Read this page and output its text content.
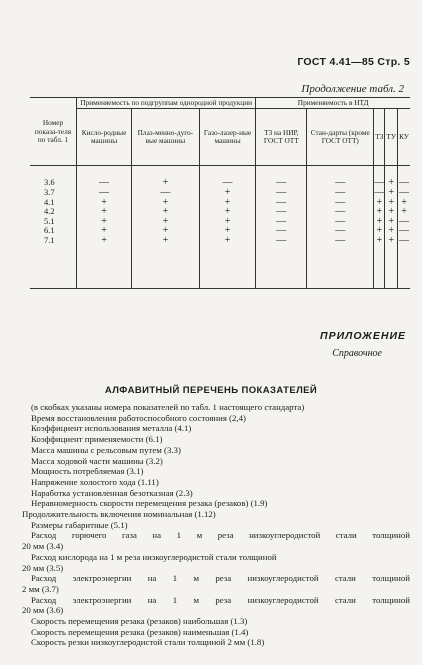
ГОСТ 4.41—85 Стр. 5
Продолжение табл. 2
Номер показа-теля по табл. 1	Применяемость по подгруппам однородной продукции			Применяемость в НТД				
	Кисло-родные машины	Плаз-менно-дуго-вые машины	Газо-лазер-ные машины	ТЗ на НИР, ГОСТ ОТТ	Стан-дарты (кроме ГОСТ ОТТ)	ТЗ	ТУ	КУ
3.6	—	+	—	—	—	—	+	—
3.7	—	—	+	—	—	—	+	—
4.1	+	+	+	—	—	+	+	+
4.2	+	+	+	—	—	+	+	+
5.1	+	+	+	—	—	+	+	—
6.1	+	+	+	—	—	+	+	—
7.1	+	+	+	—	—	+	+	—

ПРИЛОЖЕНИЕ
Справочное
АЛФАВИТНЫЙ ПЕРЕЧЕНЬ ПОКАЗАТЕЛЕЙ
(в скобках указаны номера показателей по табл. 1 настоящего стандарта)
Время восстановления работоспособного состояния (2,4)
Коэффициент использования металла (4.1)
Коэффициент применяемости (6.1)
Масса машины с рельсовым путем (3.3)
Масса ходовой части машины (3.2)
Мощность потребляемая (3.1)
Напряжение холостого хода (1.11)
Наработка установленная безотказная (2.3)
Неравномерность скорости перемещения резака (резаков) (1.9)
Продолжительность включения номинальная (1.12)
Размеры габаритные (5.1)
Расход горючего газа на 1 м реза низкоуглеродистой стали толщиной
20 мм (3.4)
Расход кислорода на 1 м реза низкоуглеродистой стали толщиной
20 мм (3.5)
Расход электроэнергии на 1 м реза низкоуглеродистой стали толщиной
2 мм (3.7)
Расход электроэнергии на 1 м реза низкоуглеродистой стали толщиной
20 мм (3.6)
Скорость перемещения резака (резаков) наибольшая (1.3)
Скорость перемещения резака (резаков) наименьшая (1.4)
Скорость резки низкоуглеродистой стали толщиной 2 мм (1.8)
